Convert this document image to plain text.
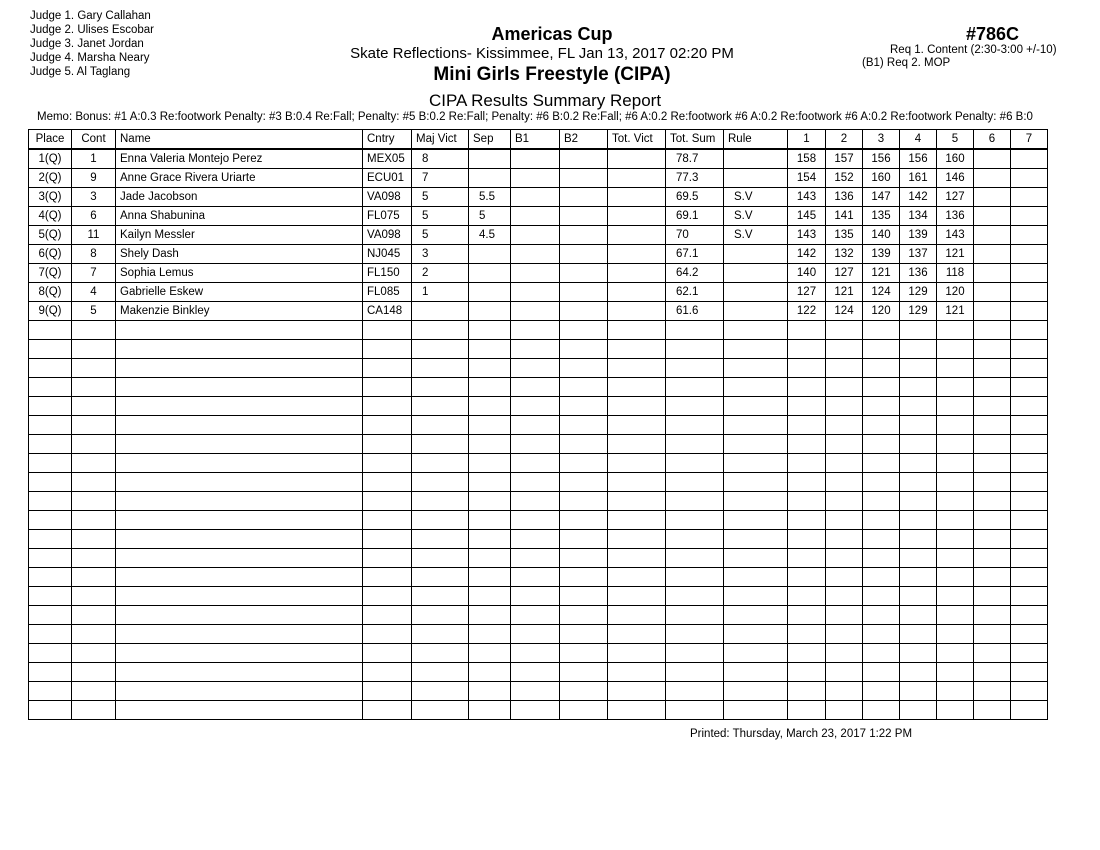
Judge 1. Gary Callahan
Judge 2. Ulises Escobar
Judge 3. Janet Jordan
Judge 4. Marsha Neary
Judge 5. Al Taglang
Americas Cup
Skate Reflections- Kissimmee, FL Jan 13, 2017 02:20 PM
Mini Girls Freestyle (CIPA)
CIPA Results Summary Report
#786C
Req 1. Content (2:30-3:00 +/-10)
(B1) Req 2. MOP
Memo: Bonus: #1 A:0.3 Re:footwork Penalty: #3 B:0.4 Re:Fall; Penalty: #5 B:0.2 Re:Fall; Penalty: #6 B:0.2 Re:Fall; #6 A:0.2 Re:footwork #6 A:0.2 Re:footwork #6 A:0.2 Re:footwork Penalty: #6 B:0
Place	Cont	Name	Cntry	Maj Vict	Sep	B1	B2	Tot. Vict	Tot. Sum	Rule	1	2	3	4	5	6	7
1(Q)	1	Enna Valeria Montejo Perez	MEX05	8					78.7		158	157	156	156	160		
2(Q)	9	Anne Grace Rivera Uriarte	ECU01	7					77.3		154	152	160	161	146		
3(Q)	3	Jade Jacobson	VA098	5	5.5				69.5	S.V	143	136	147	142	127		
4(Q)	6	Anna Shabunina	FL075	5	5				69.1	S.V	145	141	135	134	136		
5(Q)	11	Kailyn Messler	VA098	5	4.5				70	S.V	143	135	140	139	143		
6(Q)	8	Shely Dash	NJ045	3					67.1		142	132	139	137	121		
7(Q)	7	Sophia Lemus	FL150	2					64.2		140	127	121	136	118		
8(Q)	4	Gabrielle Eskew	FL085	1					62.1		127	121	124	129	120		
9(Q)	5	Makenzie Binkley	CA148						61.6		122	124	120	129	121		

Printed: Thursday, March 23, 2017 1:22 PM
